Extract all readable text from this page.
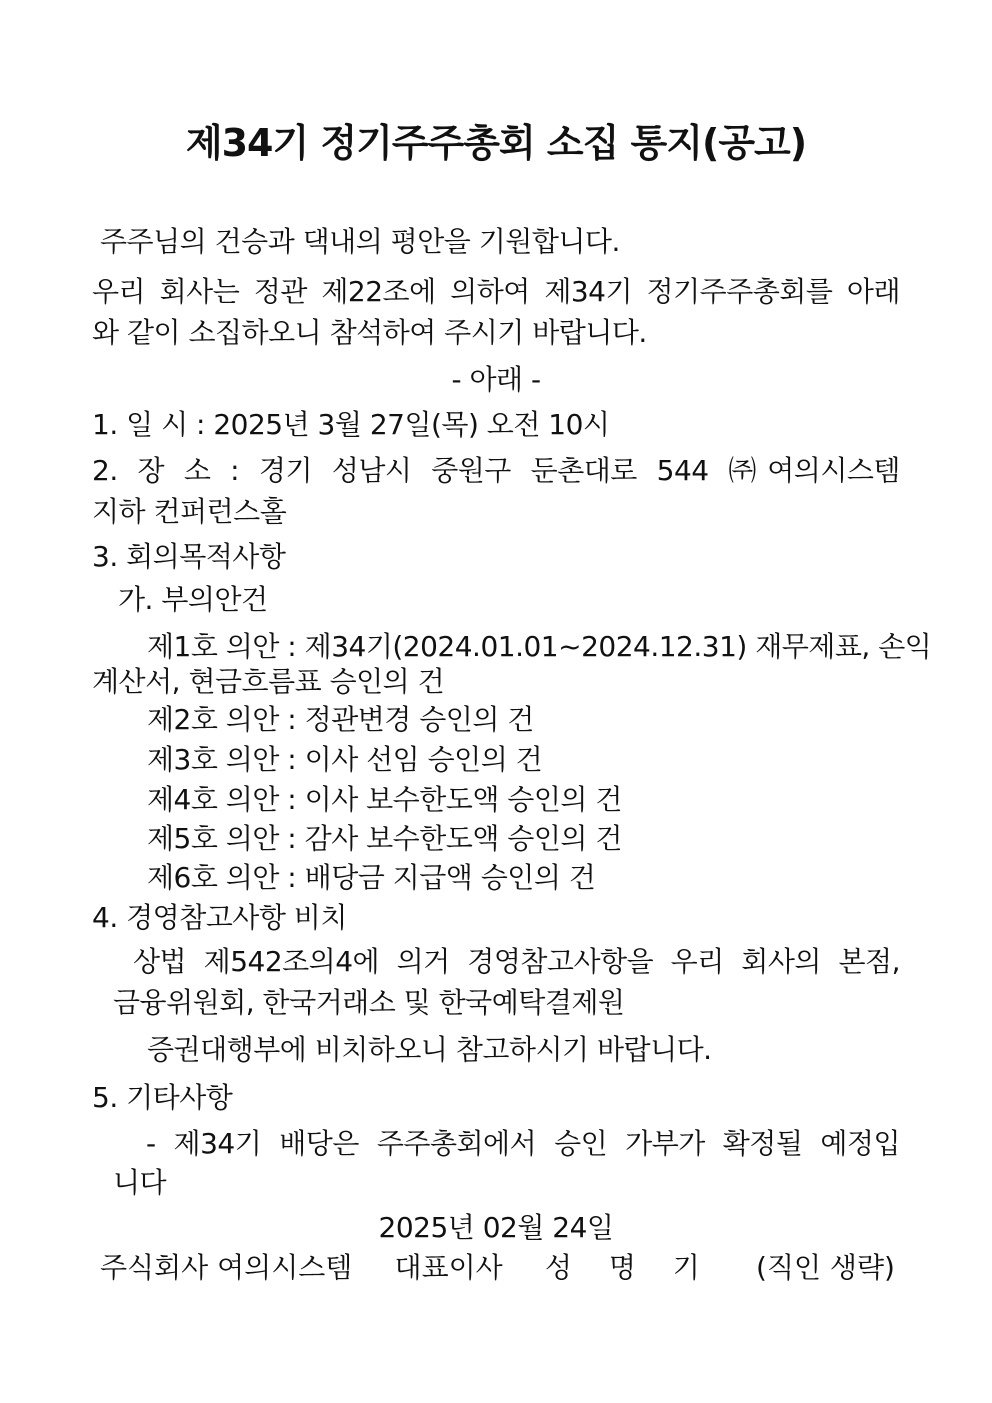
제34기 정기주주총회 소집 통지(공고)
주주님의 건승과 댁내의 평안을 기원합니다.
우리 회사는 정관 제22조에 의하여 제34기 정기주주총회를 아래
와 같이 소집하오니 참석하여 주시기 바랍니다.
- 아래 -
1. 일 시 : 2025년 3월 27일(목) 오전 10시
2. 장 소 : 경기 성남시 중원구 둔촌대로 544 ㈜여의시스템
지하 컨퍼런스홀
3. 회의목적사항
가. 부의안건
제1호 의안 : 제34기(2024.01.01~2024.12.31) 재무제표, 손익
계산서, 현금흐름표 승인의 건
제2호 의안 : 정관변경 승인의 건
제3호 의안 : 이사 선임 승인의 건
제4호 의안 : 이사 보수한도액 승인의 건
제5호 의안 : 감사 보수한도액 승인의 건
제6호 의안 : 배당금 지급액 승인의 건
4. 경영참고사항 비치
상법 제542조의4에 의거 경영참고사항을 우리 회사의 본점,
금융위원회, 한국거래소 및 한국예탁결제원
증권대행부에 비치하오니 참고하시기 바랍니다.
5. 기타사항
- 제34기 배당은 주주총회에서 승인 가부가 확정될 예정입
니다
2025년 02월 24일
주식회사 여의시스템 대표이사 성 명 기 (직인 생략)
